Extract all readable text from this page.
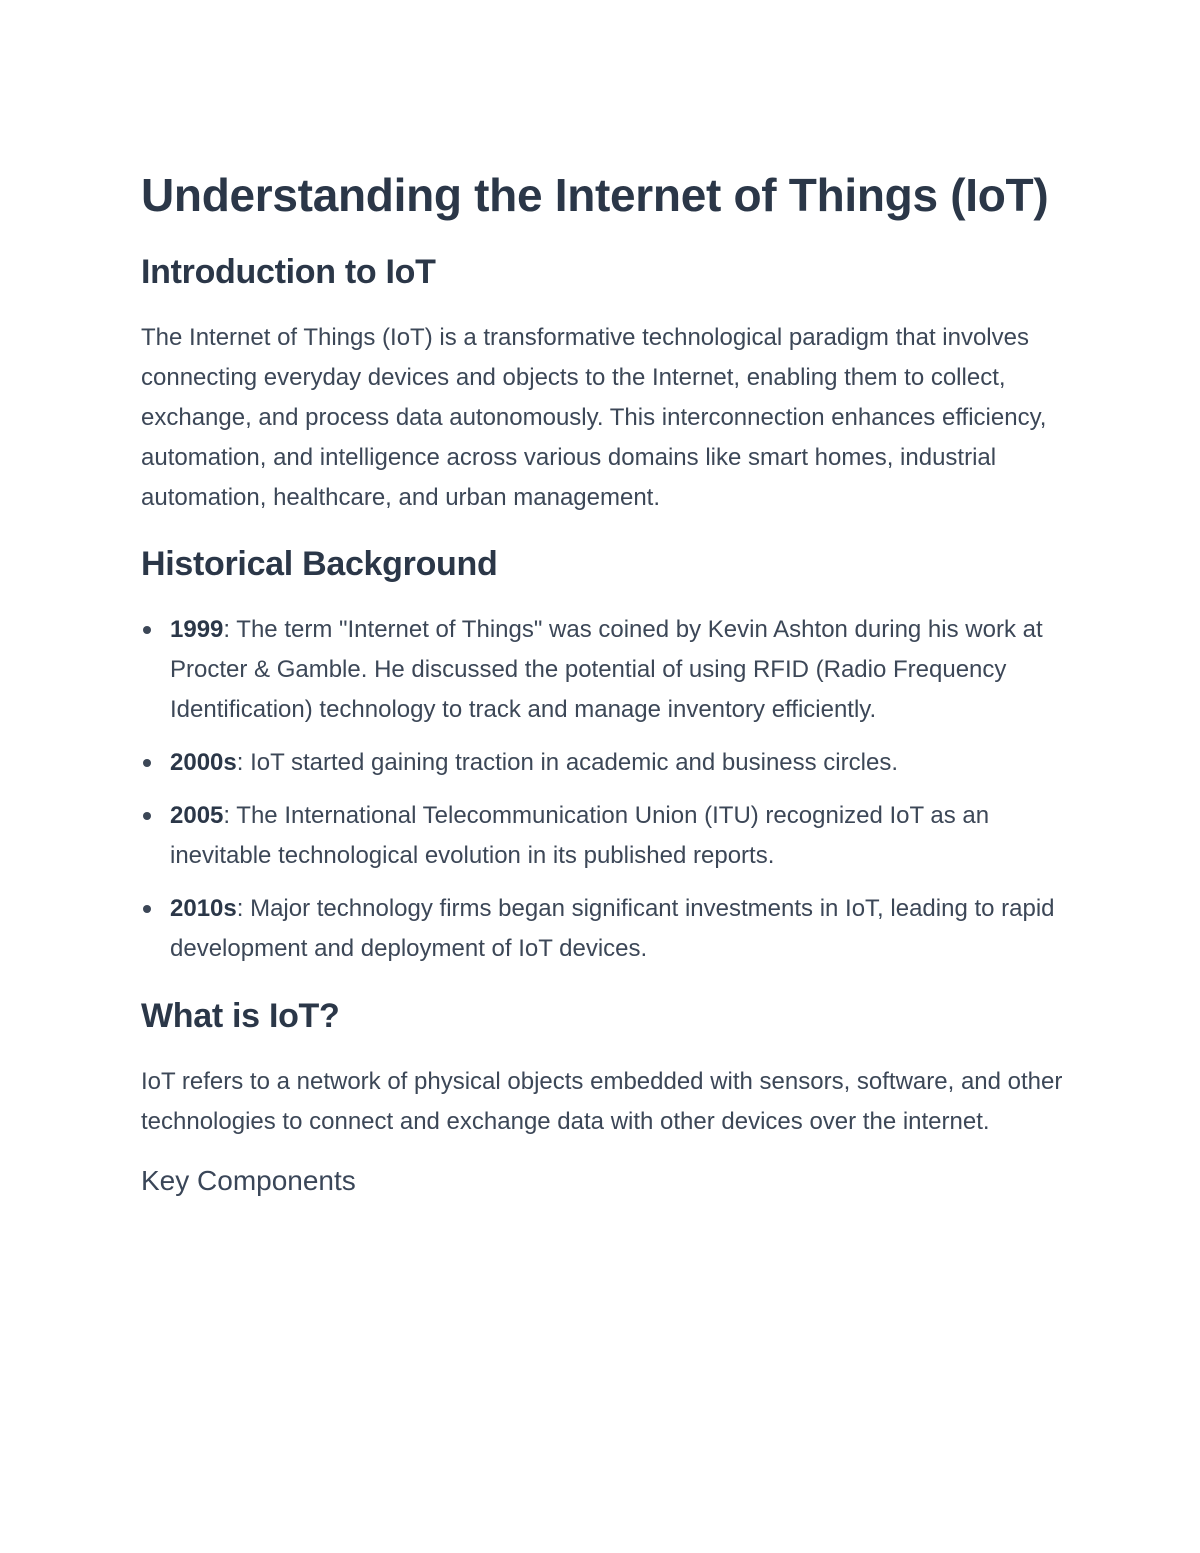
Understanding the Internet of Things (IoT)
Introduction to IoT

The Internet of Things (IoT) is a transformative technological paradigm that involves connecting everyday devices and objects to the Internet, enabling them to collect, exchange, and process data autonomously. This interconnection enhances efficiency, automation, and intelligence across various domains like smart homes, industrial automation, healthcare, and urban management.

Historical Background
1999: The term "Internet of Things" was coined by Kevin Ashton during his work at Procter & Gamble. He discussed the potential of using RFID (Radio Frequency Identification) technology to track and manage inventory efficiently.
2000s: IoT started gaining traction in academic and business circles.
2005: The International Telecommunication Union (ITU) recognized IoT as an inevitable technological evolution in its published reports.
2010s: Major technology firms began significant investments in IoT, leading to rapid development and deployment of IoT devices.
What is IoT?

IoT refers to a network of physical objects embedded with sensors, software, and other technologies to connect and exchange data with other devices over the internet.

Key Components
